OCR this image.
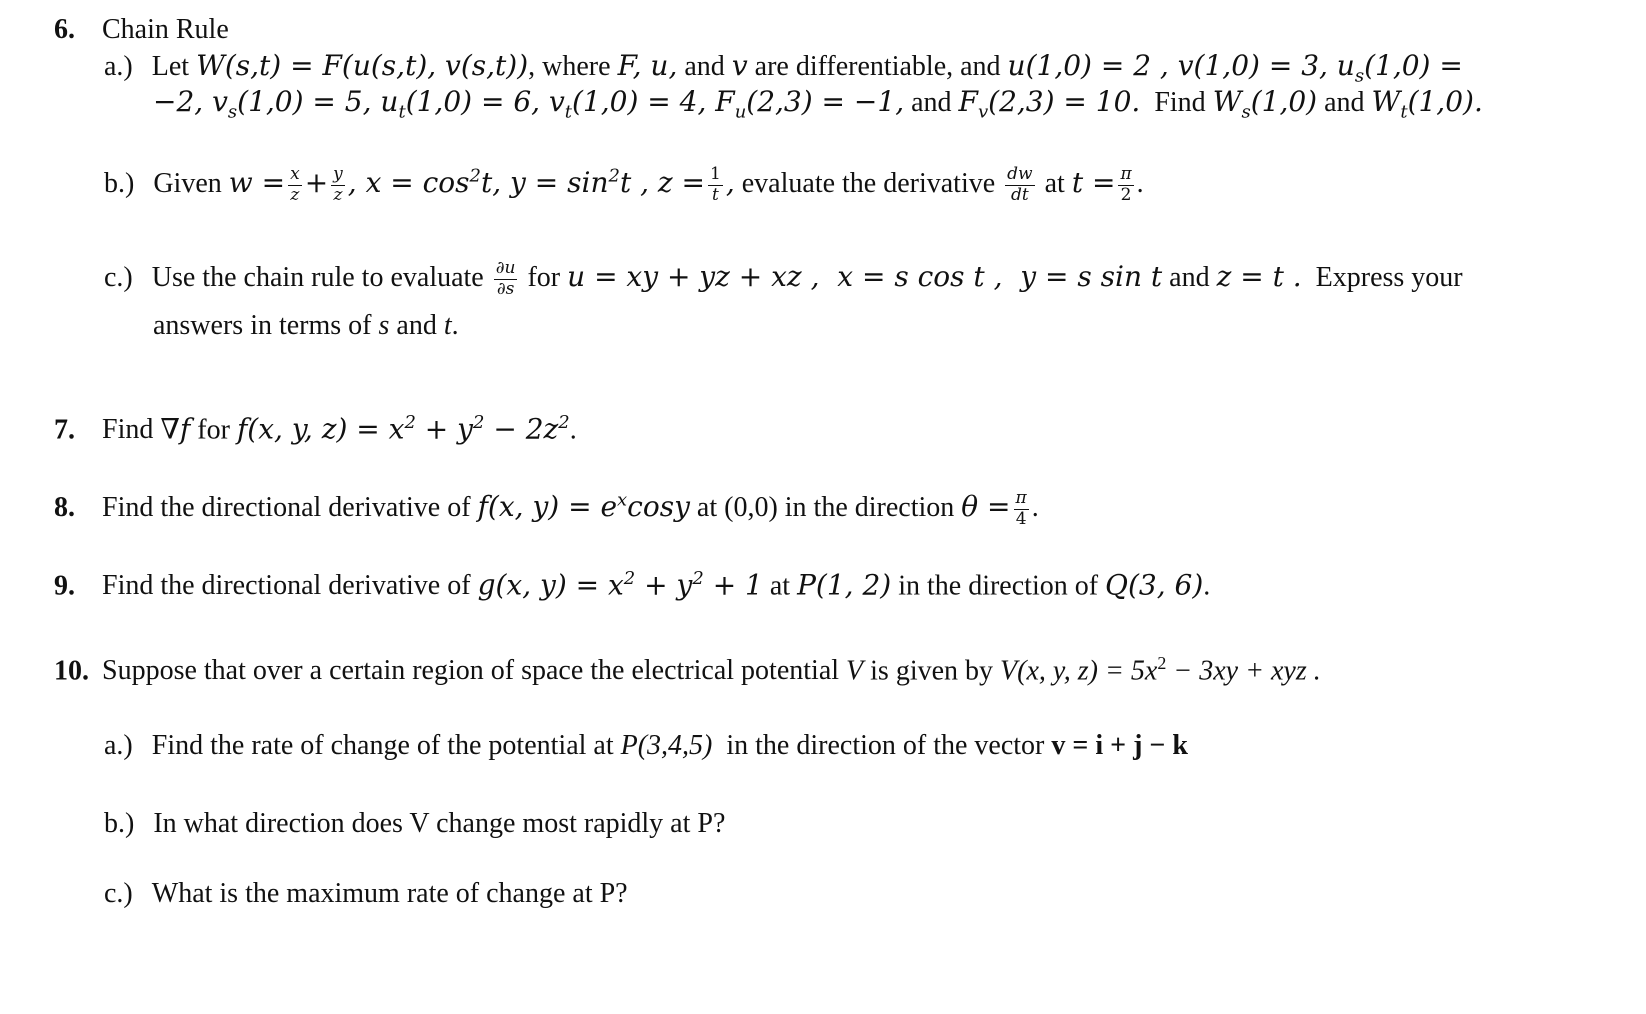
6. Chain Rule
a.) Let W(s,t) = F(u(s,t), v(s,t)), where F, u, and v are differentiable, and u(1,0) = 2 , v(1,0) = 3, $u_s(1,0)$ =
−2, $v_s(1,0) = 5$, $u_t(1,0) = 6$, $v_t(1,0) = 4$, $F_u(2,3) = -1$, and $F_v(2,3) = 10$.  Find $W_s(1,0)$ and $W_t(1,0)$.
b.) Given $w = \frac{x}{z} + \frac{y}{z}$ , $x = \cos^2t$, $y = \sin^2t$ , $z = \frac{1}{t}$ , evaluate the derivative $\frac{dw}{dt}$ at $t = \frac{\pi}{2}$ .
c.) Use the chain rule to evaluate $\frac{\partial u}{\partial s}$ for u = xy + yz + xz ,  x = s cos t ,  y = s sin t and z = t .  Express your
answers in terms of s and t.
7. Find ∇f for f(x, y, $z) = x^2 + y^2 - 2z^2$.
8. Find the directional derivative of f(x, $y) = e^x\cos y$ at (0,0) in the direction $\theta = \frac{\pi}{4}$ .
9. Find the directional derivative of g(x, $y) = x^2 + y^2 + 1$ at P(1, 2) in the direction of Q(3, 6).
10. Suppose that over a certain region of space the electrical potential V is given by V(x, y, $z) = 5x^2 - 3xy$ + xyz .
a.) Find the rate of change of the potential at P(3,4,5)  in the direction of the vector v = i + j − k
b.) In what direction does V change most rapidly at P?
c.) What is the maximum rate of change at P?
